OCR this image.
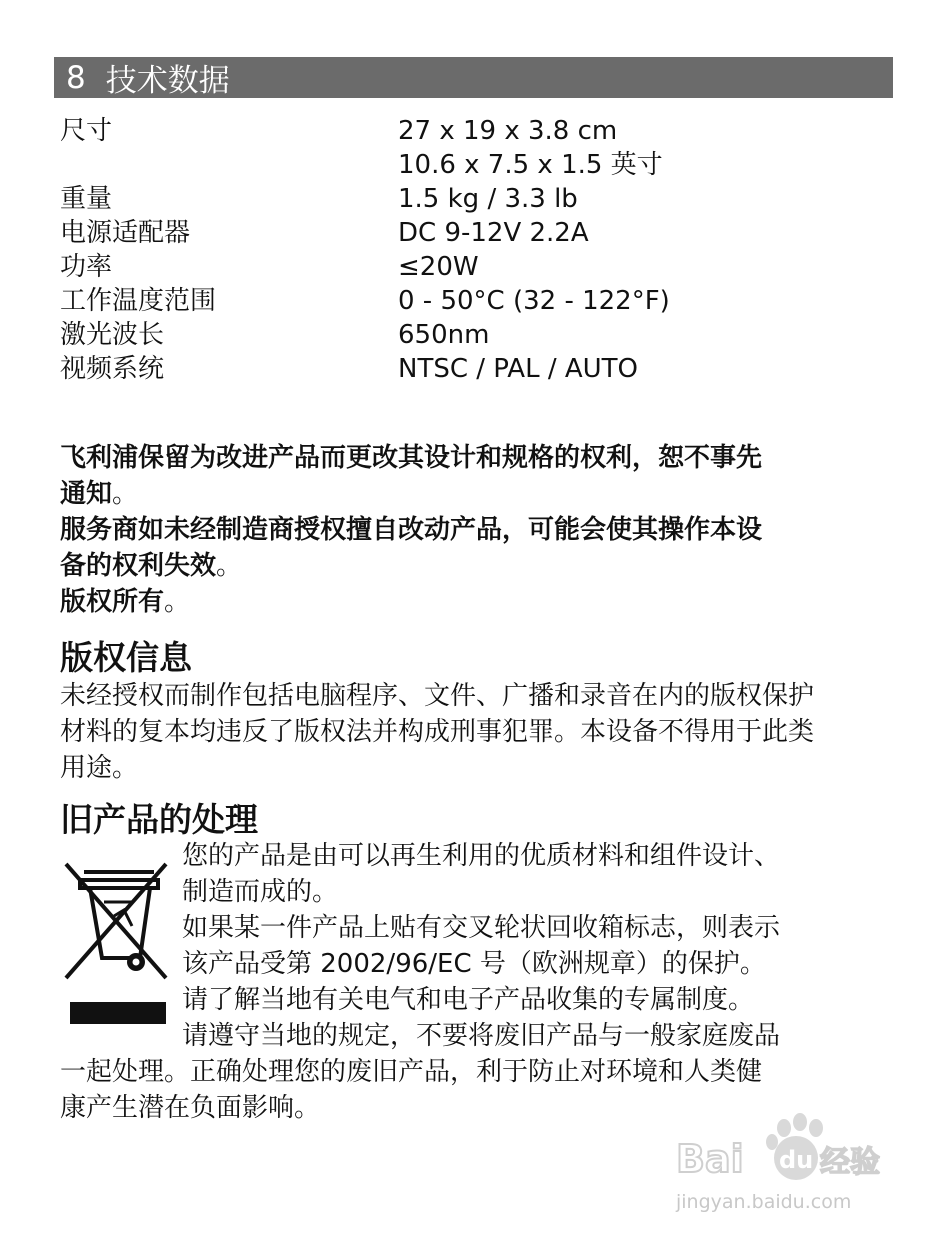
8 技术数据
尺寸	27 x 19 x 3.8 cm
10.6 x 7.5 x 1.5 英寸
重量	1.5 kg / 3.3 lb
电源适配器	DC 9-12V 2.2A
功率	≤20W
工作温度范围	0 - 50°C (32 - 122°F)
激光波长	650nm
视频系统	NTSC / PAL / AUTO
飞利浦保留为改进产品而更改其设计和规格的权利，恕不事先
通知。
服务商如未经制造商授权擅自改动产品，可能会使其操作本设
备的权利失效。
版权所有。
版权信息
未经授权而制作包括电脑程序、文件、广播和录音在内的版权保护
材料的复本均违反了版权法并构成刑事犯罪。本设备不得用于此类
用途。
旧产品的处理
您的产品是由可以再生利用的优质材料和组件设计、
制造而成的。
如果某一件产品上贴有交叉轮状回收箱标志，则表示
该产品受第 2002/96/EC 号（欧洲规章）的保护。
请了解当地有关电气和电子产品收集的专属制度。
请遵守当地的规定，不要将废旧产品与一般家庭废品
一起处理。正确处理您的废旧产品，利于防止对环境和人类健
康产生潜在负面影响。
Bai du 经验
jingyan.baidu.com
